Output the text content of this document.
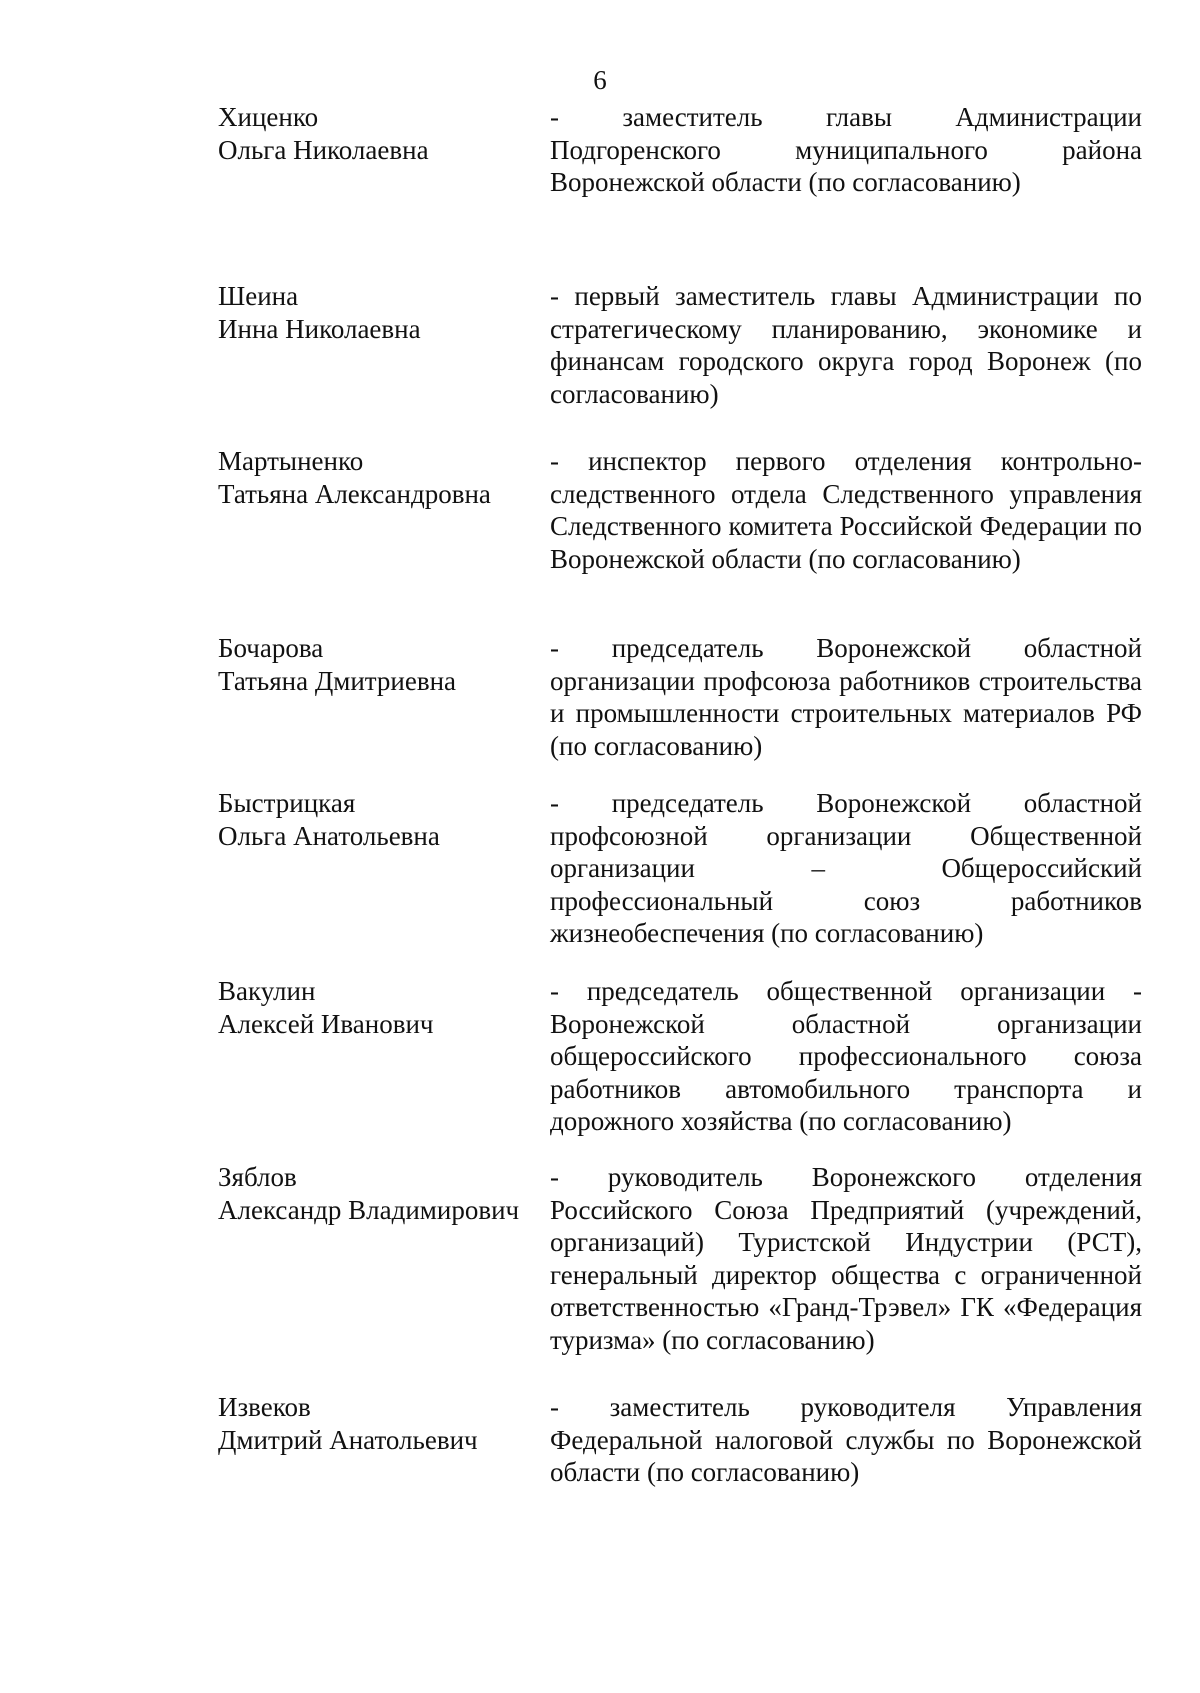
6
Хиценко
Ольга Николаевна
- заместитель главы Администрации Подгоренского муниципального района Воронежской области (по согласованию)
Шеина
Инна Николаевна
- первый заместитель главы Администрации по стратегическому планированию, экономике и финансам городского округа город Воронеж (по согласованию)
Мартыненко
Татьяна Александровна
- инспектор первого отделения контрольно-следственного отдела Следственного управления Следственного комитета Российской Федерации по Воронежской области (по согласованию)
Бочарова
Татьяна Дмитриевна
- председатель Воронежской областной организации профсоюза работников строительства и промышленности строительных материалов РФ (по согласованию)
Быстрицкая
Ольга Анатольевна
- председатель Воронежской областной профсоюзной организации Общественной организации – Общероссийский профессиональный союз работников жизнеобеспечения (по согласованию)
Вакулин
Алексей Иванович
- председатель общественной организации - Воронежской областной организации общероссийского профессионального союза работников автомобильного транспорта и дорожного хозяйства (по согласованию)
Зяблов
Александр Владимирович
- руководитель Воронежского отделения Российского Союза Предприятий (учреждений, организаций) Туристской Индустрии (РСТ), генеральный директор общества с ограниченной ответственностью «Гранд-Трэвел» ГК «Федерация туризма» (по согласованию)
Извеков
Дмитрий Анатольевич
- заместитель руководителя Управления Федеральной налоговой службы по Воронежской области (по согласованию)
